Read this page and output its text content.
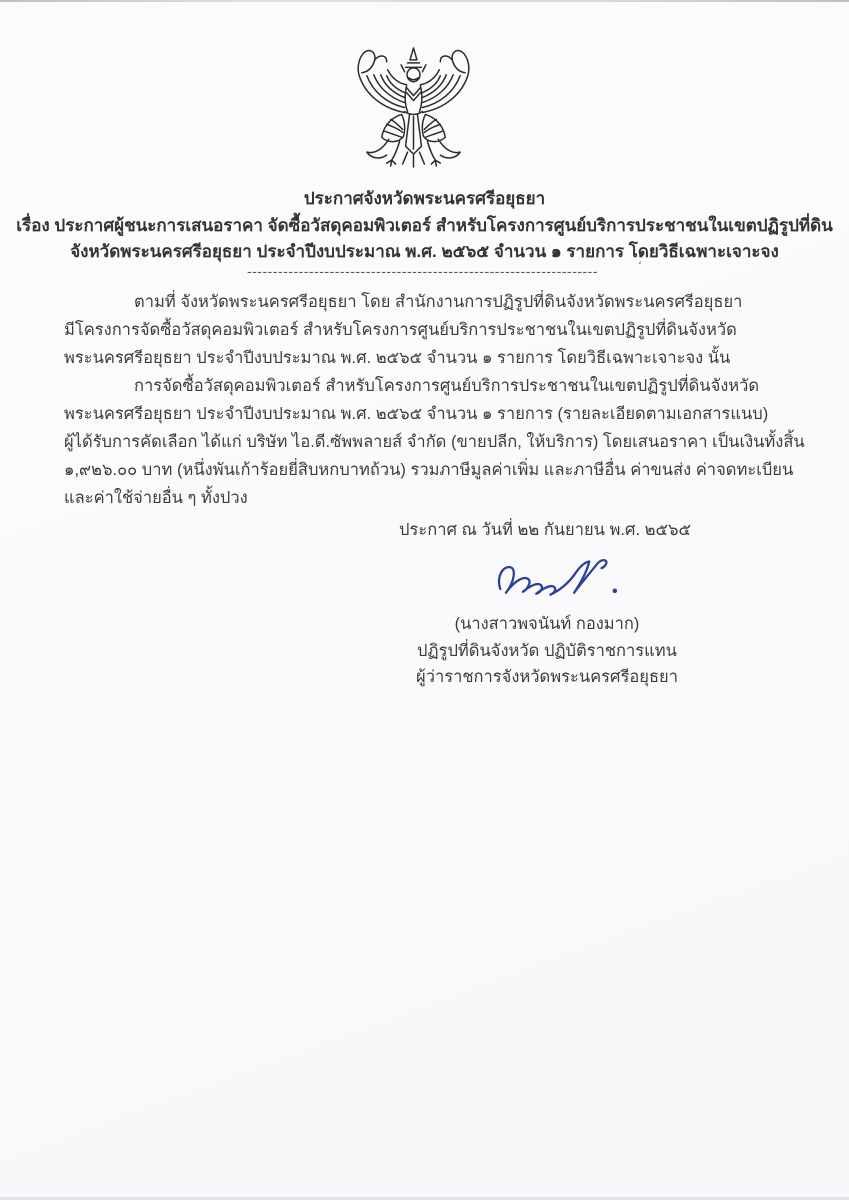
ประกาศจังหวัดพระนครศรีอยุธยา
เรื่อง ประกาศผู้ชนะการเสนอราคา จัดซื้อวัสดุคอมพิวเตอร์ สำหรับโครงการศูนย์บริการประชาชนในเขตปฏิรูปที่ดิน
จังหวัดพระนครศรีอยุธยา ประจำปีงบประมาณ พ.ศ. ๒๕๖๕ จำนวน ๑ รายการ โดยวิธีเฉพาะเจาะจง
--------------------------------------------------------------------	‘
ตามที่ จังหวัดพระนครศรีอยุธยา โดย สำนักงานการปฏิรูปที่ดินจังหวัดพระนครศรีอยุธยา
มีโครงการจัดซื้อวัสดุคอมพิวเตอร์ สำหรับโครงการศูนย์บริการประชาชนในเขตปฏิรูปที่ดินจังหวัด
พระนครศรีอยุธยา ประจำปีงบประมาณ พ.ศ. ๒๕๖๕ จำนวน ๑ รายการ โดยวิธีเฉพาะเจาะจง นั้น
การจัดซื้อวัสดุคอมพิวเตอร์ สำหรับโครงการศูนย์บริการประชาชนในเขตปฏิรูปที่ดินจังหวัด
พระนครศรีอยุธยา ประจำปีงบประมาณ พ.ศ. ๒๕๖๕ จำนวน ๑ รายการ (รายละเอียดตามเอกสารแนบ)
ผู้ได้รับการคัดเลือก ได้แก่ บริษัท ไอ.ดี.ซัพพลายส์ จำกัด (ขายปลีก, ให้บริการ) โดยเสนอราคา เป็นเงินทั้งสิ้น
๑,๙๒๖.๐๐ บาท (หนึ่งพันเก้าร้อยยี่สิบหกบาทถ้วน) รวมภาษีมูลค่าเพิ่ม และภาษีอื่น ค่าขนส่ง ค่าจดทะเบียน
และค่าใช้จ่ายอื่น ๆ ทั้งปวง
ประกาศ ณ วันที่ ๒๒ กันยายน พ.ศ. ๒๕๖๕
(นางสาวพจนันท์ กองมาก)
ปฏิรูปที่ดินจังหวัด ปฏิบัติราชการแทน
ผู้ว่าราชการจังหวัดพระนครศรีอยุธยา
